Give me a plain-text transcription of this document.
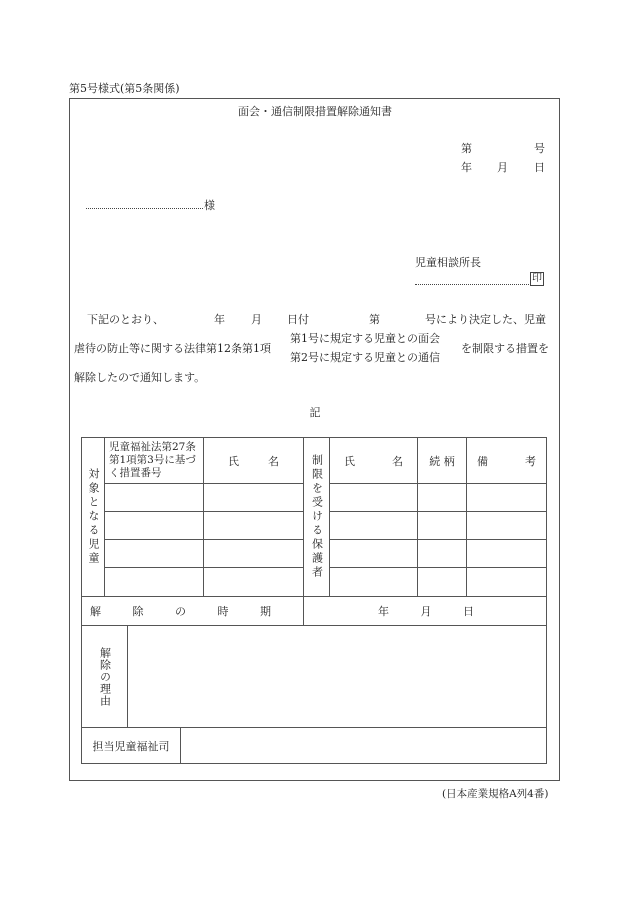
第5号様式(第5条関係)
面会・通信制限措置解除通知書
第	号
年 月 日
様
児童相談所長
印
下記のとおり、	年 月 日付	第	号により決定した、児童
虐待の防止等に関する法律第12条第1項
第1号に規定する児童との面会
第2号に規定する児童との通信
を制限する措置を
解除したので通知します。
記
対象となる児童	児童福祉法第27条第1項第3号に基づく措置番号	氏 名	制限を受ける保護者	氏 名	続 柄	備 考

解 除 の 時 期			年 月 日			
解除の理由

担当児童福祉司	
(日本産業規格A列4番)
